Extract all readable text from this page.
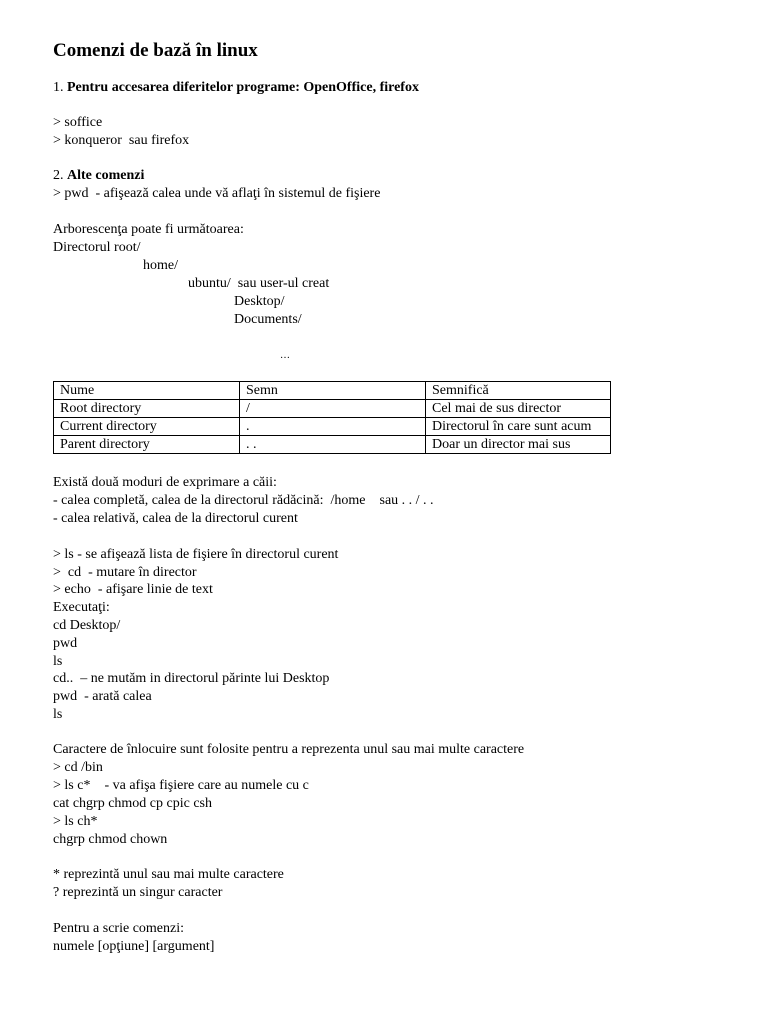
Comenzi de bază în linux
1. Pentru accesarea diferitelor programe: OpenOffice, firefox
> soffice
> konqueror  sau firefox
2. Alte comenzi
> pwd  - afişează calea unde vă aflaţi în sistemul de fişiere
Arborescenţa poate fi următoarea:
Directorul root/
home/
ubuntu/  sau user-ul creat
Desktop/
Documents/
…
Nume	Semn	Semnifică
Root directory	/	Cel mai de sus director
Current directory	.	Directorul în care sunt acum
Parent directory	. .	Doar un director mai sus
Există două moduri de exprimare a căii:
- calea completă, calea de la directorul rădăcină:  /home    sau . . / . .
- calea relativă, calea de la directorul curent
> ls - se afişează lista de fişiere în directorul curent
>  cd  - mutare în director
> echo  - afişare linie de text
Executaţi:
cd Desktop/
pwd
ls
cd..  – ne mutăm in directorul părinte lui Desktop
pwd  - arată calea
ls
Caractere de înlocuire sunt folosite pentru a reprezenta unul sau mai multe caractere
> cd /bin
> ls c*    - va afişa fişiere care au numele cu c
cat chgrp chmod cp cpic csh
> ls ch*
chgrp chmod chown
* reprezintă unul sau mai multe caractere
? reprezintă un singur caracter
Pentru a scrie comenzi:
numele [opţiune] [argument]
